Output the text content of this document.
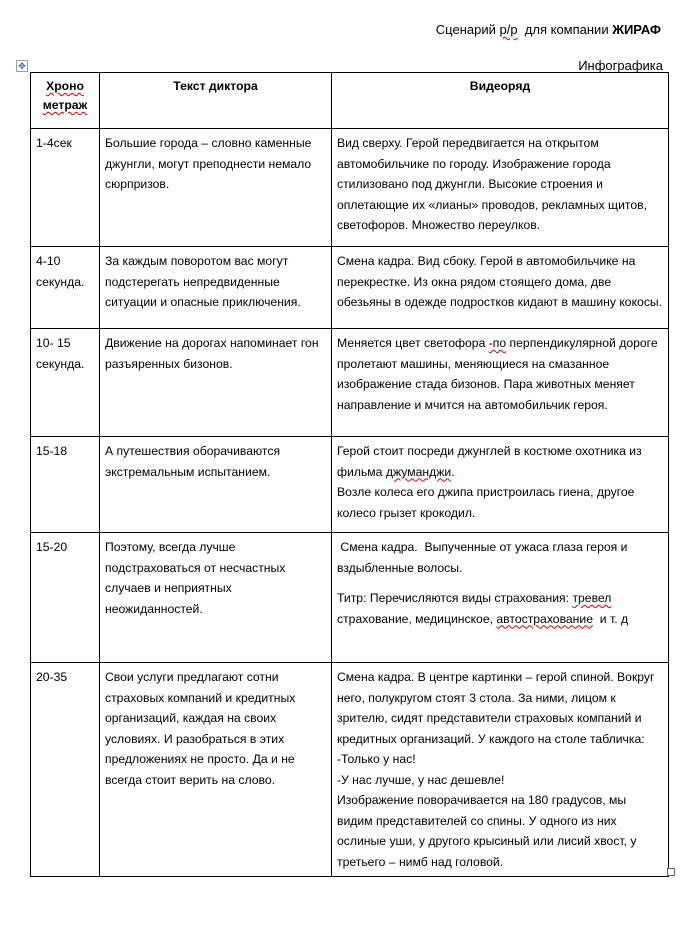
Сценарий р/р  для компании ЖИРАФ
Инфографика
✥
Хроно
метраж	Текст диктора	Видеоряд
1-4сек	Большие города – словно каменные джунгли, могут преподнести немало сюрпризов.	Вид сверху. Герой передвигается на открытом автомобильчике по городу. Изображение города стилизовано под джунгли. Высокие строения и оплетающие их «лианы» проводов, рекламных щитов, светофоров. Множество переулков.
4-10 секунда.	За каждым поворотом вас могут подстерегать непредвиденные ситуации и опасные приключения.	Смена кадра. Вид сбоку. Герой в автомобильчике на перекрестке. Из окна рядом стоящего дома, две обезьяны в одежде подростков кидают в машину кокосы.
10- 15 секунда.	Движение на дорогах напоминает гон разъяренных бизонов.	Меняется цвет светофора -по перпендикулярной дороге пролетают машины, меняющиеся на смазанное изображение стада бизонов. Пара животных меняет направление и мчится на автомобильчик героя.
15-18	А путешествия оборачиваются экстремальным испытанием.	Герой стоит посреди джунглей в костюме охотника из фильма джуманджи.
Возле колеса его джипа пристроилась гиена, другое колесо грызет крокодил.

15-20	Поэтому, всегда лучше подстраховаться от несчастных случаев и неприятных неожиданностей.	Смена кадра.  Выпученные от ужаса глаза героя и вздыбленные волосы.
Титр: Перечисляются виды страхования: тревел страхование, медицинское, автострахование  и т. д

20-35	Свои услуги предлагают сотни страховых компаний и кредитных организаций, каждая на своих условиях. И разобраться в этих предложениях не просто. Да и не всегда стоит верить на слово.	Смена кадра. В центре картинки – герой спиной. Вокруг него, полукругом стоят 3 стола. За ними, лицом к зрителю, сидят представители страховых компаний и кредитных организаций. У каждого на столе табличка:    -Только у нас!
-У нас лучше, у нас дешевле!
Изображение поворачивается на 180 градусов, мы видим представителей со спины. У одного из них ослиные уши, у другого крысиный или лисий хвост, у третьего – нимб над головой.
